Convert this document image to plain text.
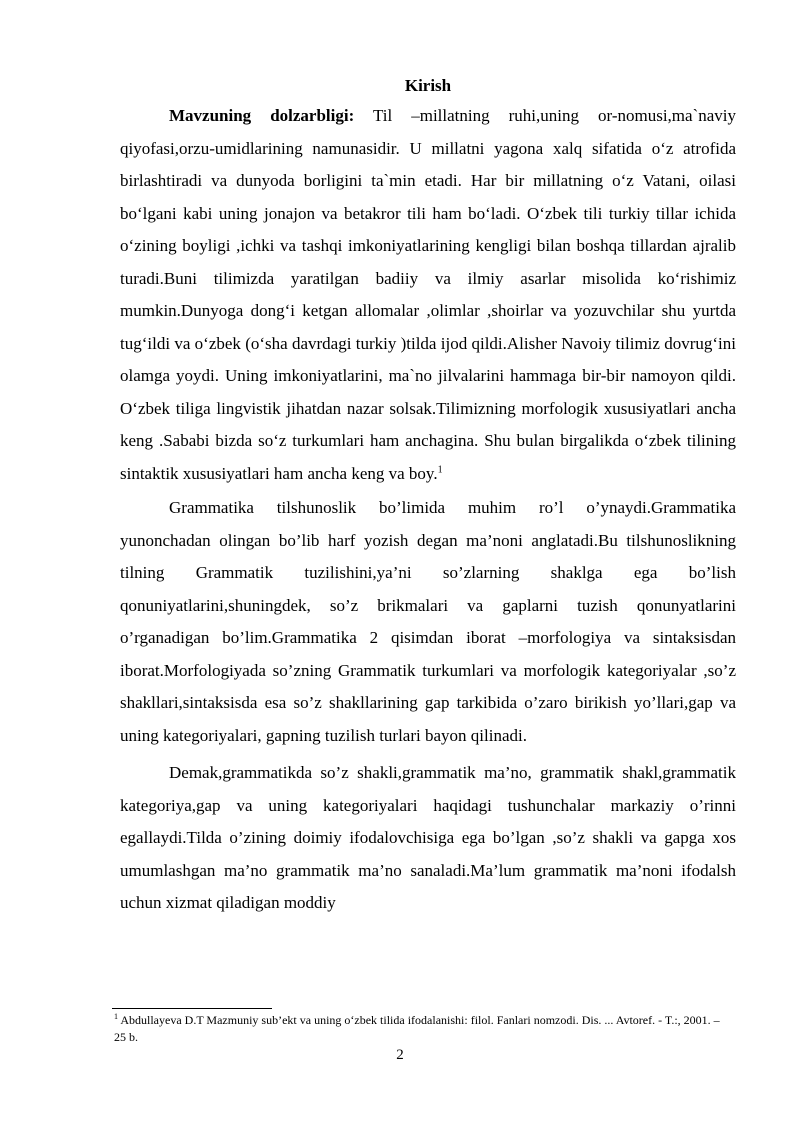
Kirish

Mavzuning dolzarbligi: Til –millatning ruhi,uning or-nomusi,ma`naviy qiyofasi,orzu-umidlarining namunasidir. U millatni yagona xalq sifatida o‘z atrofida birlashtiradi va dunyoda borligini ta`min etadi. Har bir millatning o‘z Vatani, oilasi bo‘lgani kabi uning jonajon va betakror tili ham bo‘ladi. O‘zbek tili turkiy tillar ichida o‘zining boyligi ,ichki va tashqi imkoniyatlarining kengligi bilan boshqa tillardan ajralib turadi.Buni tilimizda yaratilgan badiiy va ilmiy asarlar misolida ko‘rishimiz mumkin.Dunyoga dong‘i ketgan allomalar ,olimlar ,shoirlar va yozuvchilar shu yurtda tug‘ildi va o‘zbek (o‘sha davrdagi turkiy )tilda ijod qildi.Alisher Navoiy tilimiz dovrug‘ini olamga yoydi. Uning imkoniyatlarini, ma`no jilvalarini hammaga bir-bir namoyon qildi. O‘zbek tiliga lingvistik jihatdan nazar solsak.Tilimizning morfologik xususiyatlari ancha keng .Sababi bizda so‘z turkumlari ham anchagina. Shu bulan birgalikda o‘zbek tilining sintaktik xususiyatlari ham ancha keng va boy.$^1$

Grammatika tilshunoslik bo’limida muhim ro’l o’ynaydi.Grammatika yunonchadan olingan bo’lib harf yozish degan ma’noni anglatadi.Bu tilshunoslikning tilning Grammatik tuzilishini,ya’ni so’zlarning shaklga ega bo’lish qonuniyatlarini,shuningdek, so’z brikmalari va gaplarni tuzish qonunyatlarini o’rganadigan bo’lim.Grammatika 2 qisimdan iborat –morfologiya va sintaksisdan iborat.Morfologiyada so’zning Grammatik turkumlari va morfologik kategoriyalar ,so’z shakllari,sintaksisda esa so’z shakllarining gap tarkibida o’zaro birikish yo’llari,gap va uning kategoriyalari, gapning tuzilish turlari bayon qilinadi.

Demak,grammatikda so’z shakli,grammatik ma’no, grammatik shakl,grammatik kategoriya,gap va uning kategoriyalari haqidagi tushunchalar markaziy o’rinni egallaydi.Tilda o’zining doimiy ifodalovchisiga ega bo’lgan ,so’z shakli va gapga xos umumlashgan ma’no grammatik ma’no sanaladi.Ma’lum grammatik ma’noni ifodalsh uchun xizmat qiladigan moddiy

$^1$ Abdullayeva D.T Mazmuniy sub’ekt va uning o‘zbek tilida ifodalanishi: filol. Fanlari nomzodi. Dis. ... Avtoref. - T.:, 2001. – 25 b.

2
